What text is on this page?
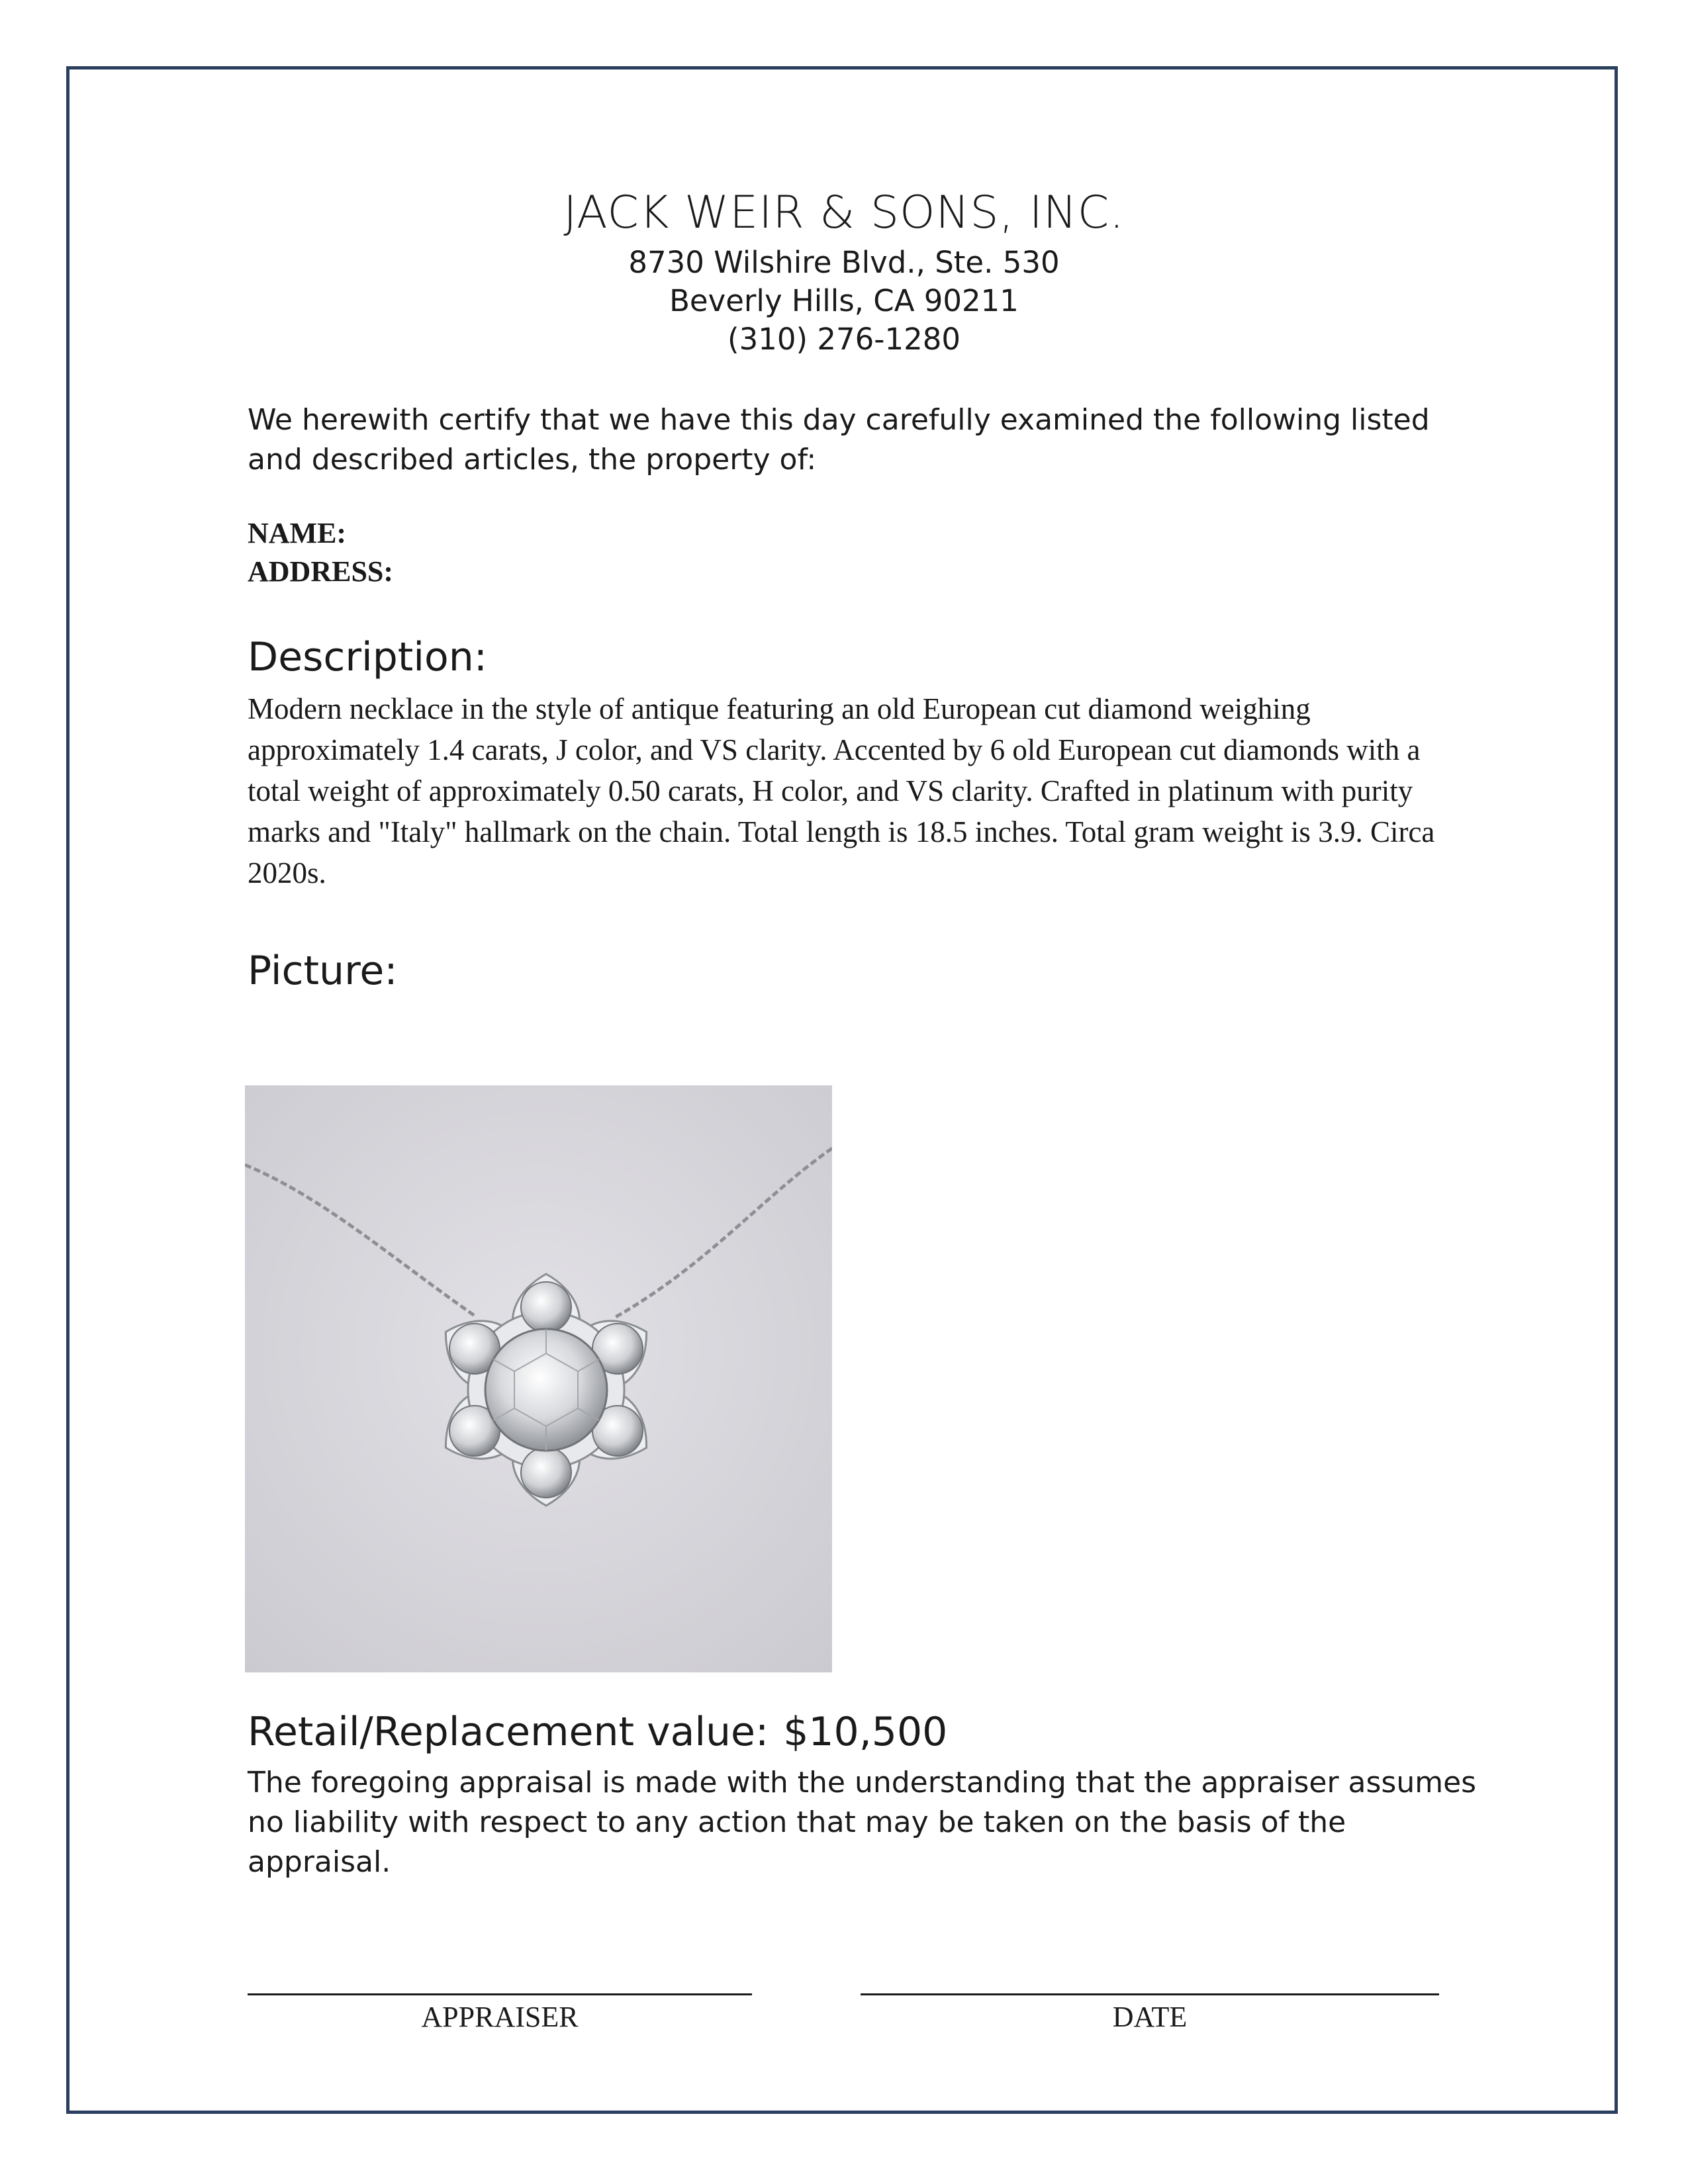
JACK WEIR & SONS, INC.
8730 Wilshire Blvd., Ste. 530
Beverly Hills, CA 90211
(310) 276-1280
We herewith certify that we have this day carefully examined the following listed and described articles, the property of:
NAME:
ADDRESS:
Description:
Modern necklace in the style of antique featuring an old European cut diamond weighing approximately 1.4 carats, J color, and VS clarity. Accented by 6 old European cut diamonds with a total weight of approximately 0.50 carats, H color, and VS clarity. Crafted in platinum with purity marks and "Italy" hallmark on the chain. Total length is 18.5 inches. Total gram weight is 3.9. Circa 2020s.
Picture:
Retail/Replacement value: $10,500
The foregoing appraisal is made with the understanding that the appraiser assumes no liability with respect to any action that may be taken on the basis of the appraisal.
APPRAISER	DATE
